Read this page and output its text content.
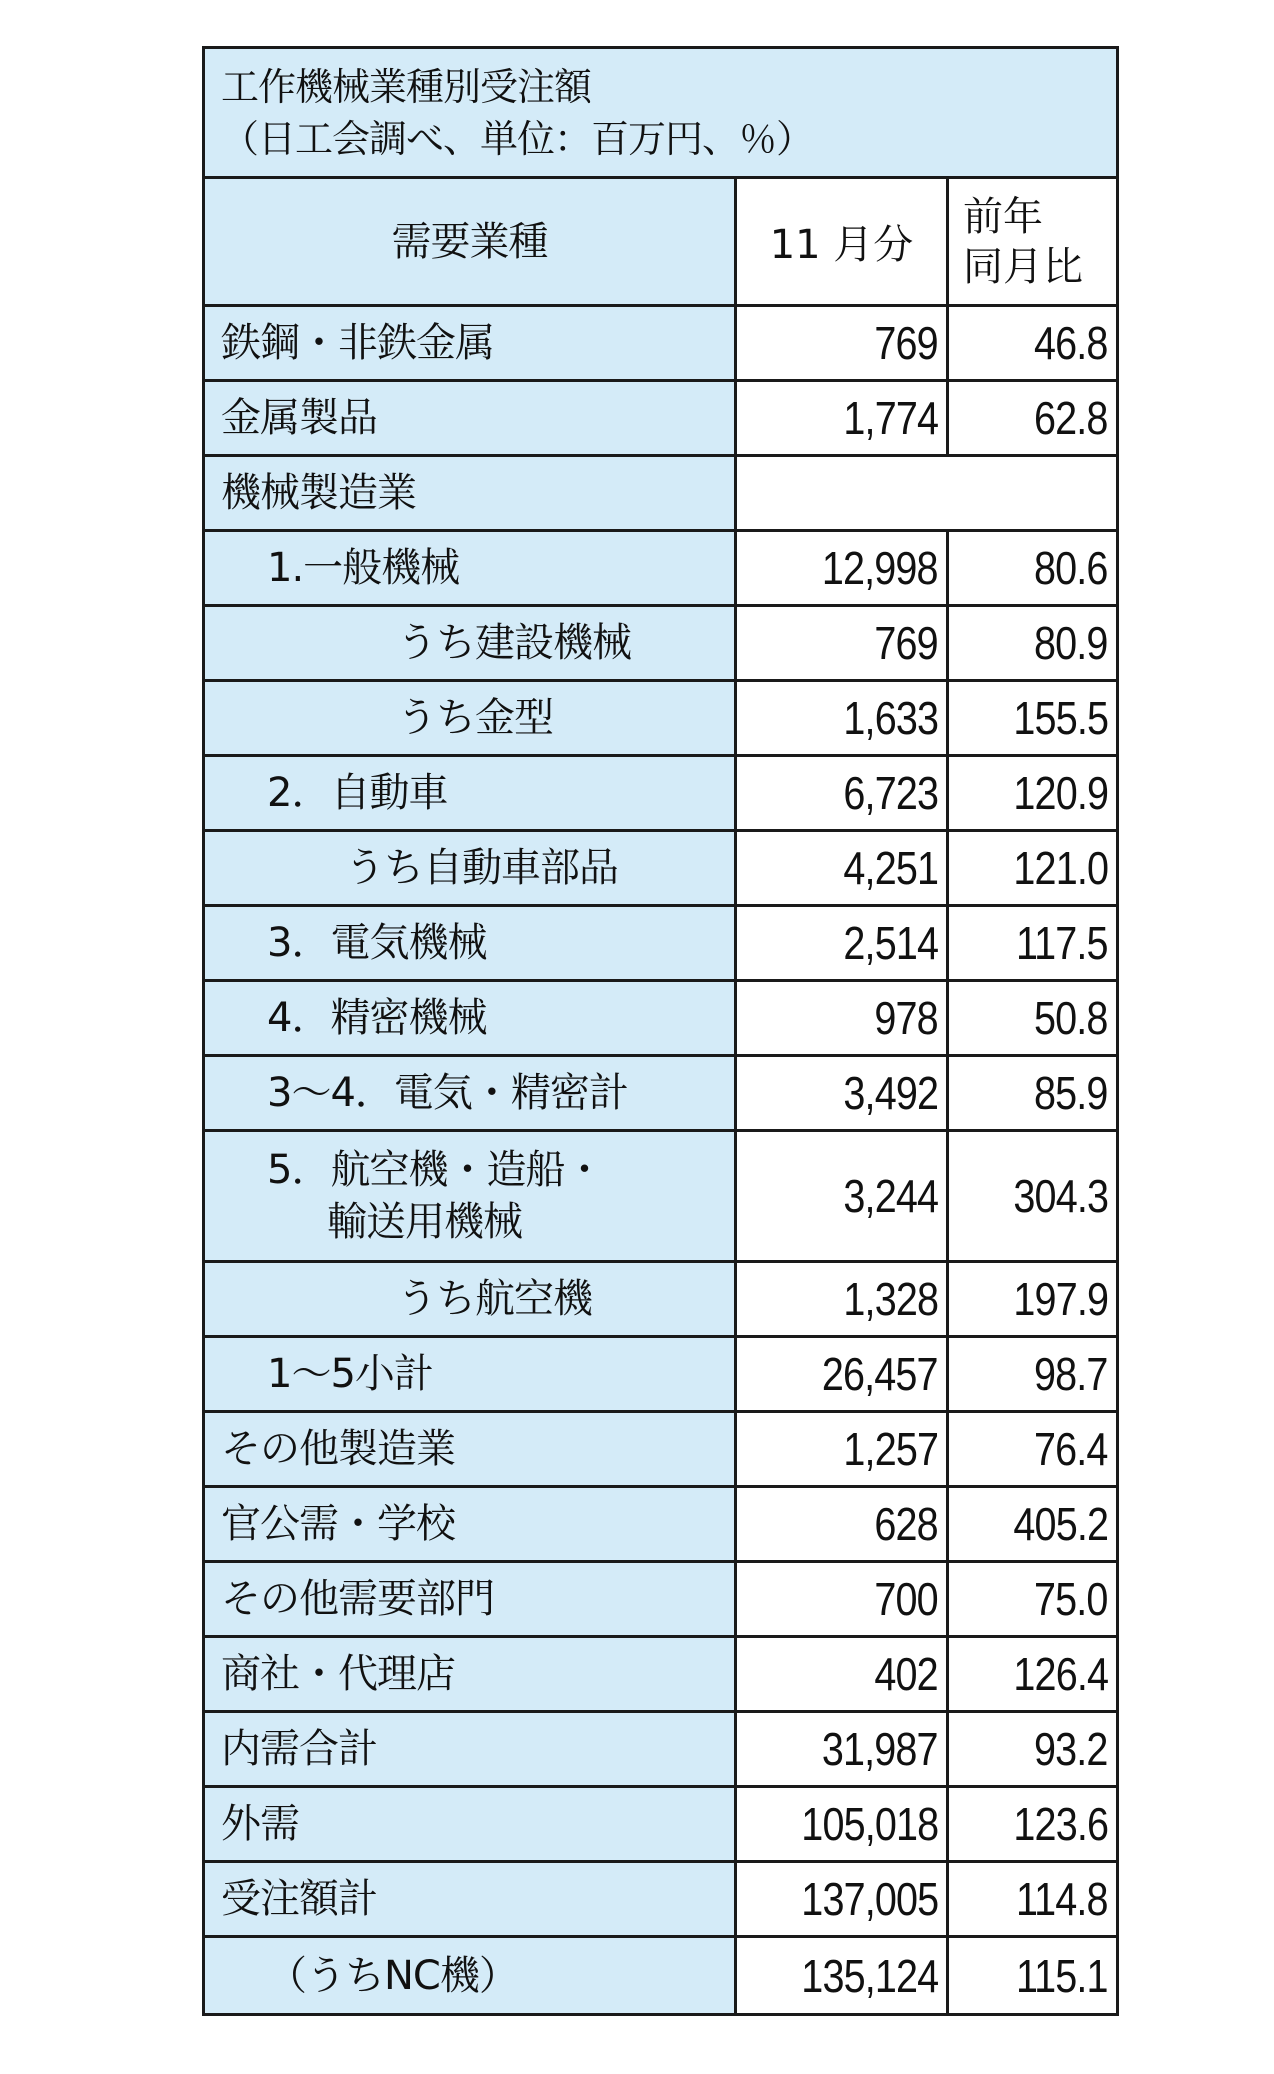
工作機械業種別受注額
（日工会調べ、単位：百万円、％）
需要業種	11 月分
前年
同月比
鉄鋼・非鉄金属	769 46.8
金属製品	1,774 62.8
機械製造業
1.一般機械	12,998 80.6
うち建設機械	769 80.9
うち金型	1,633 155.5
2．自動車	6,723 120.9
うち自動車部品	4,251 121.0
3．電気機械	2,514 117.5
4．精密機械	978 50.8
3～4．電気・精密計	3,492 85.9
5．航空機・造船・
輸送用機械	3,244 304.3
うち航空機	1,328 197.9
1～5小計	26,457 98.7
その他製造業	1,257 76.4
官公需・学校	628 405.2
その他需要部門	700 75.0
商社・代理店	402 126.4
内需合計	31,987 93.2
外需	105,018 123.6
受注額計	137,005 114.8
（うちNC機）	135,124 115.1
